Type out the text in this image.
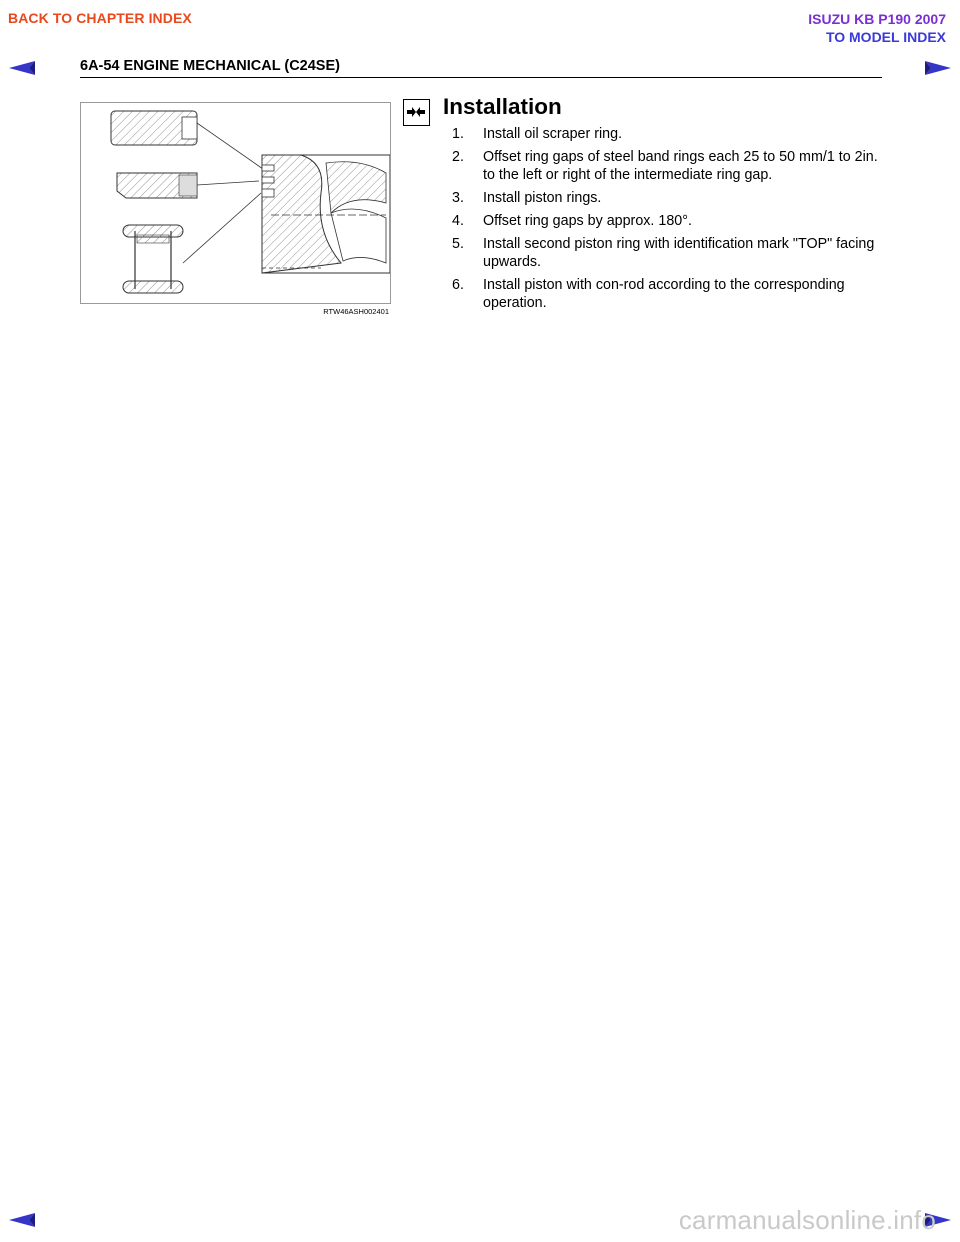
BACK TO CHAPTER INDEX	ISUZU KB P190 2007
TO MODEL INDEX
6A-54 ENGINE MECHANICAL (C24SE)
RTW46ASH002401
Installation
1. Install oil scraper ring.
2. Offset ring gaps of steel band rings each 25 to 50 mm/1 to 2in. to the left or right of the intermediate ring gap.
3. Install piston rings.
4. Offset ring gaps by approx. 180°.
5. Install second piston ring with identification mark "TOP" facing upwards.
6. Install piston with con-rod according to the corresponding operation.
carmanualsonline.info
